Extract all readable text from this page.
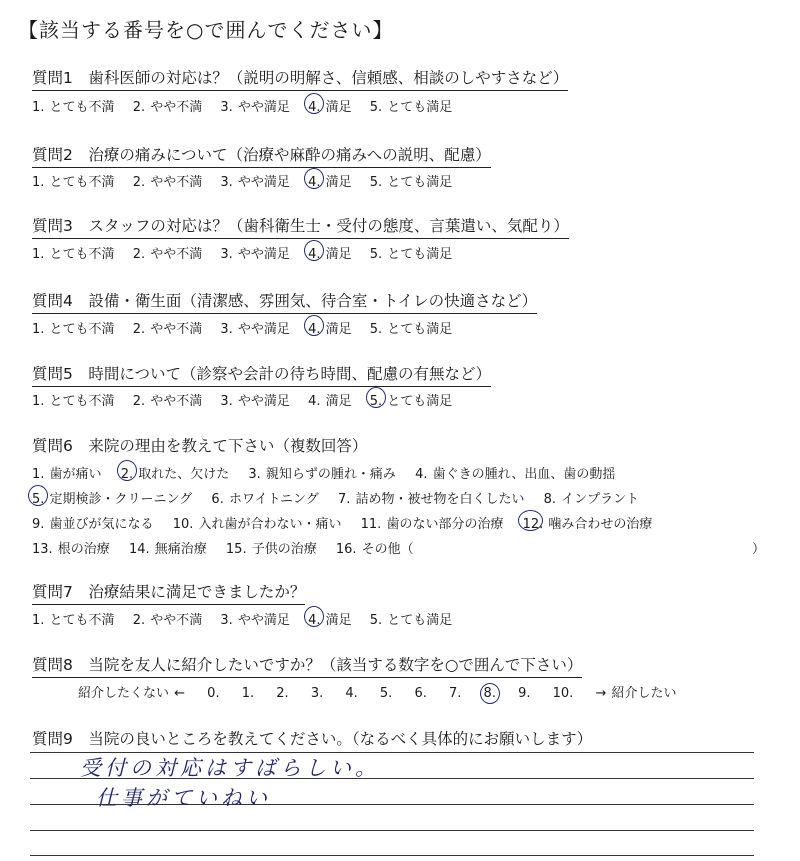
【該当する番号を○で囲んでください】
質問1　歯科医師の対応は？（説明の明解さ、信頼感、相談のしやすさなど）
1. とても不満 2. やや不満 3. やや満足 4. 満足 5. とても満足
質問2　治療の痛みについて（治療や麻酔の痛みへの説明、配慮）
1. とても不満 2. やや不満 3. やや満足 4. 満足 5. とても満足
質問3　スタッフの対応は？（歯科衛生士・受付の態度、言葉遣い、気配り）
1. とても不満 2. やや不満 3. やや満足 4. 満足 5. とても満足
質問4　設備・衛生面（清潔感、雰囲気、待合室・トイレの快適さなど）
1. とても不満 2. やや不満 3. やや満足 4. 満足 5. とても満足
質問5　時間について（診察や会計の待ち時間、配慮の有無など）
1. とても不満 2. やや不満 3. やや満足 4. 満足 5. とても満足
質問6　来院の理由を教えて下さい（複数回答）
1. 歯が痛い 2. 取れた、欠けた 3. 親知らずの腫れ・痛み 4. 歯ぐきの腫れ、出血、歯の動揺
5. 定期検診・クリーニング 6. ホワイトニング 7. 詰め物・被せ物を白くしたい 8. インプラント
9. 歯並びが気になる 10. 入れ歯が合わない・痛い 11. 歯のない部分の治療 12. 噛み合わせの治療
13. 根の治療 14. 無痛治療 15. 子供の治療 16. その他（	）
質問7　治療結果に満足できましたか？
1. とても不満 2. やや不満 3. やや満足 4. 満足 5. とても満足
質問8　当院を友人に紹介したいですか？（該当する数字を○で囲んで下さい）
紹介したくない ← 0. 1. 2. 3. 4. 5. 6. 7. 8. 9. 10. → 紹介したい
質問9　当院の良いところを教えてください。（なるべく具体的にお願いします）
受付の対応はすばらしい。
仕事がていねい
